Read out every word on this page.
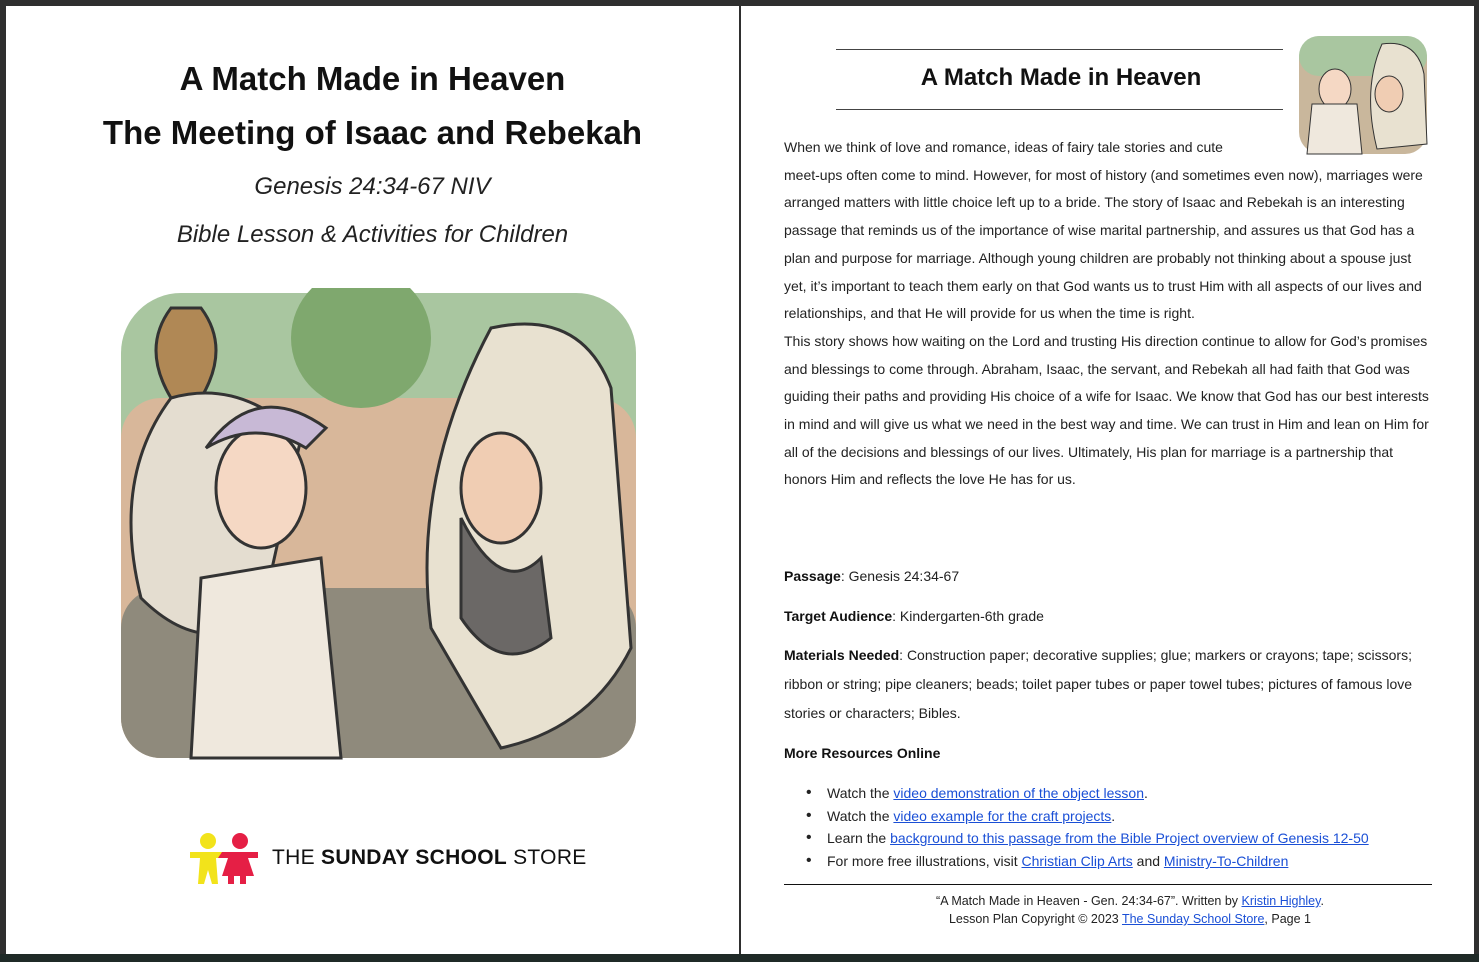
A Match Made in Heaven
The Meeting of Isaac and Rebekah
Genesis 24:34-67 NIV
Bible Lesson & Activities for Children
THE SUNDAY SCHOOL STORE
A Match Made in Heaven

When we think of love and romance, ideas of fairy tale stories and cute meet-ups often come to mind. However, for most of history (and sometimes even now), marriages were arranged matters with little choice left up to a bride. The story of Isaac and Rebekah is an interesting passage that reminds us of the importance of wise marital partnership, and assures us that God has a plan and purpose for marriage. Although young children are probably not thinking about a spouse just yet, it’s important to teach them early on that God wants us to trust Him with all aspects of our lives and relationships, and that He will provide for us when the time is right.

This story shows how waiting on the Lord and trusting His direction continue to allow for God’s promises and blessings to come through. Abraham, Isaac, the servant, and Rebekah all had faith that God was guiding their paths and providing His choice of a wife for Isaac. We know that God has our best interests in mind and will give us what we need in the best way and time. We can trust in Him and lean on Him for all of the decisions and blessings of our lives. Ultimately, His plan for marriage is a partnership that honors Him and reflects the love He has for us.

Passage: Genesis 24:34-67
Target Audience: Kindergarten-6th grade
Materials Needed: Construction paper; decorative supplies; glue; markers or crayons; tape; scissors; ribbon or string; pipe cleaners; beads; toilet paper tubes or paper towel tubes; pictures of famous love stories or characters; Bibles.
More Resources Online
• Watch the video demonstration of the object lesson.
• Watch the video example for the craft projects.
• Learn the background to this passage from the Bible Project overview of Genesis 12-50
• For more free illustrations, visit Christian Clip Arts and Ministry-To-Children
“A Match Made in Heaven - Gen. 24:34-67”. Written by Kristin Highley.
Lesson Plan Copyright © 2023 The Sunday School Store, Page 1
